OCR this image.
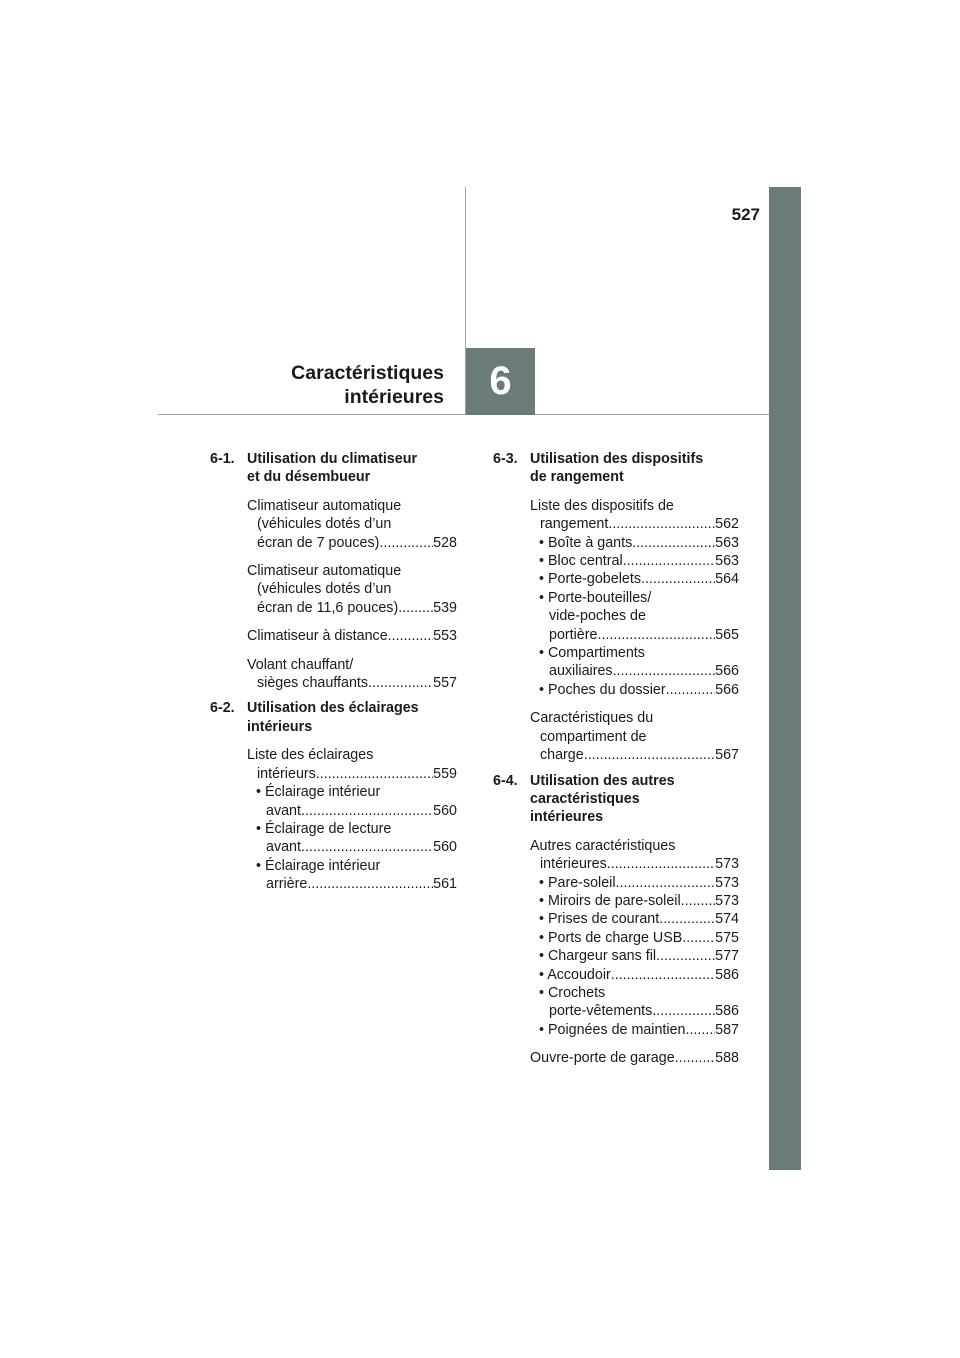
527
6
Caractéristiques
intérieures
6-1. Utilisation du climatiseur
et du désembueur
Climatiseur automatique
(véhicules dotés d’un
écran de 7 pouces) .....	528
Climatiseur automatique
(véhicules dotés d’un
écran de 11,6 pouces) ..... 539
Climatiseur à distance .....	553
Volant chauffant/
sièges chauffants .....	557
6-2. Utilisation des éclairages
intérieurs
Liste des éclairages
intérieurs .....	559
• Éclairage intérieur
avant .....	560
• Éclairage de lecture
avant .....	560
• Éclairage intérieur
arrière .....	561
6-3. Utilisation des dispositifs
de rangement
Liste des dispositifs de
rangement .....	562
• Boîte à gants .....	563
• Bloc central .....	563
• Porte-gobelets .....	564
• Porte-bouteilles/
vide-poches de
portière .....	565
• Compartiments
auxiliaires .....	566
• Poches du dossier .....	566
Caractéristiques du
compartiment de
charge .....	567
6-4. Utilisation des autres
caractéristiques
intérieures
Autres caractéristiques
intérieures .....	573
• Pare-soleil .....	573
• Miroirs de pare-soleil ..... 573
• Prises de courant .....	574
• Ports de charge USB ..... 575
• Chargeur sans fil .....	577
• Accoudoir .....	586
• Crochets
porte-vêtements .....	586
• Poignées de maintien ..... 587
Ouvre-porte de garage .....	588
